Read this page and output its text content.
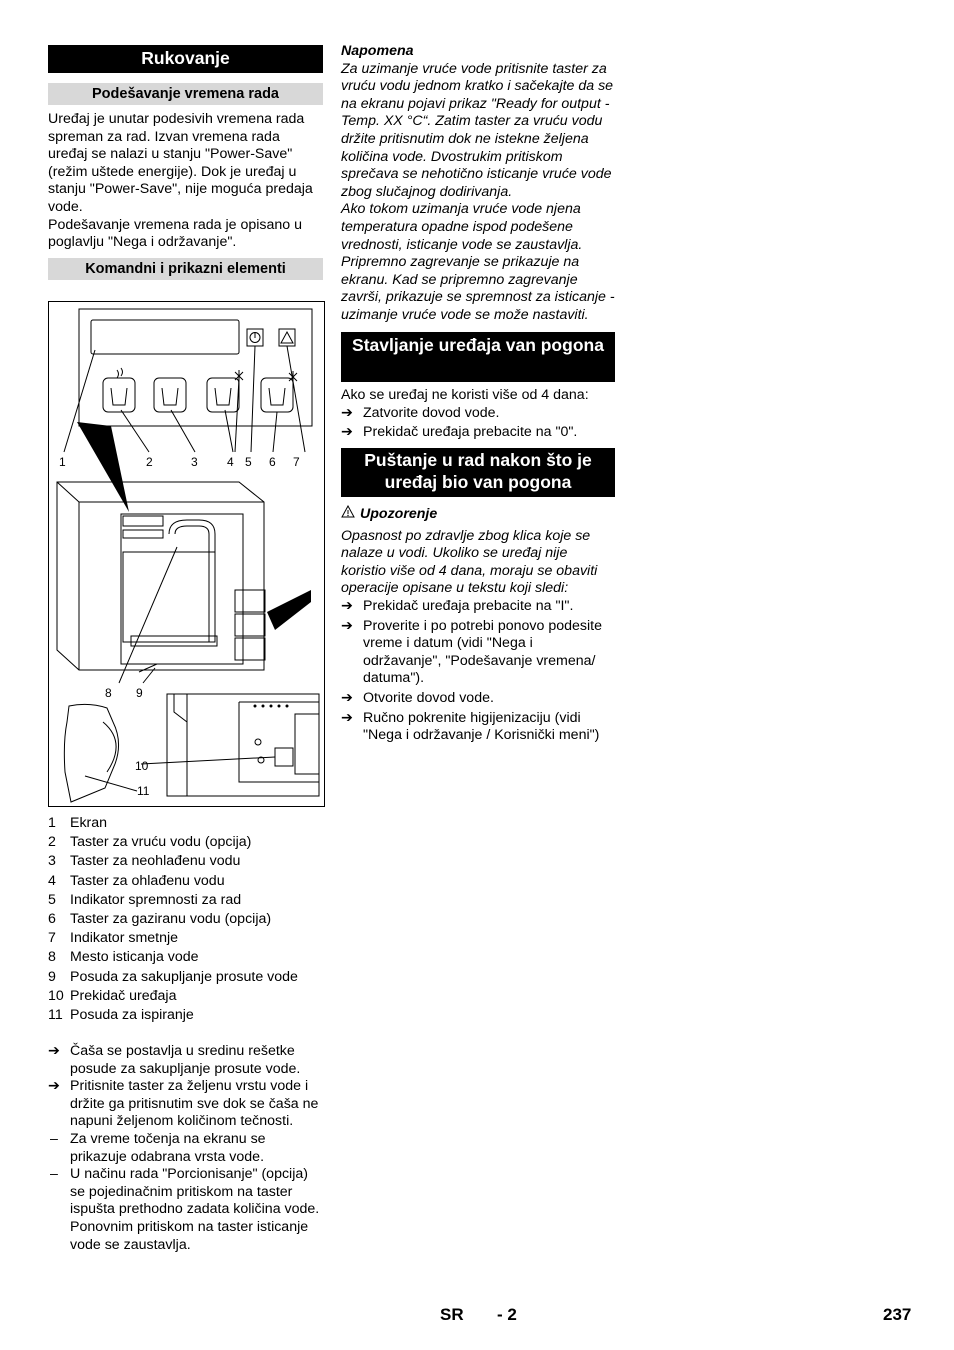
Rukovanje
Podešavanje vremena rada

Uređaj je unutar podesivih vremena rada spreman za rad. Izvan vremena rada uređaj se nalazi u stanju "Power-Save" (režim uštede energije). Dok je uređaj u stanju "Power-Save", nije moguća predaja vode.

Podešavanje vremena rada je opisano u poglavlju "Nega i održavanje".

Komandni i prikazni elementi
1 Ekran
2 Taster za vruću vodu (opcija)
3 Taster za neohlađenu vodu
4 Taster za ohlađenu vodu
5 Indikator spremnosti za rad
6 Taster za gaziranu vodu (opcija)
7 Indikator smetnje
8 Mesto isticanja vode
9 Posuda za sakupljanje prosute vode
10 Prekidač uređaja
11 Posuda za ispiranje
➔ Čaša se postavlja u sredinu rešetke posude za sakupljanje prosute vode.
➔ Pritisnite taster za željenu vrstu vode i držite ga pritisnutim sve dok se čaša ne napuni željenom količinom tečnosti.
– Za vreme točenja na ekranu se prikazuje odabrana vrsta vode.
– U načinu rada "Porcionisanje" (opcija) se pojedinačnim pritiskom na taster ispušta prethodno zadata količina vode. Ponovnim pritiskom na taster isticanje vode se zaustavlja.
1	2	3 4 5 6 7
8 9
10
11

Napomena

Za uzimanje vruće vode pritisnite taster za vruću vodu jednom kratko i sačekajte da se na ekranu pojavi prikaz "Ready for output - Temp. XX °C“. Zatim taster za vruću vodu držite pritisnutim dok ne istekne željena količina vode. Dvostrukim pritiskom sprečava se nehotično isticanje vruće vode zbog slučajnog dodirivanja.

Ako tokom uzimanja vruće vode njena temperatura opadne ispod podešene vrednosti, isticanje vode se zaustavlja.

Pripremno zagrevanje se prikazuje na ekranu. Kad se pripremno zagrevanje završi, prikazuje se spremnost za isticanje - uzimanje vruće vode se može nastaviti.

Stavljanje uređaja van pogona

Ako se uređaj ne koristi više od 4 dana:

➔ Zatvorite dovod vode.
➔ Prekidač uređaja prebacite na "0".
Puštanje u rad nakon što je uređaj bio van pogona

Upozorenje

Opasnost po zdravlje zbog klica koje se nalaze u vodi. Ukoliko se uređaj nije koristio više od 4 dana, moraju se obaviti operacije opisane u tekstu koji sledi:

➔ Prekidač uređaja prebacite na "I".
➔ Proverite i po potrebi ponovo podesite vreme i datum (vidi "Nega i održavanje", "Podešavanje vremena/ datuma").
➔ Otvorite dovod vode.
➔ Ručno pokrenite higijenizaciju (vidi "Nega i održavanje / Korisnički meni")
SR - 2	237
